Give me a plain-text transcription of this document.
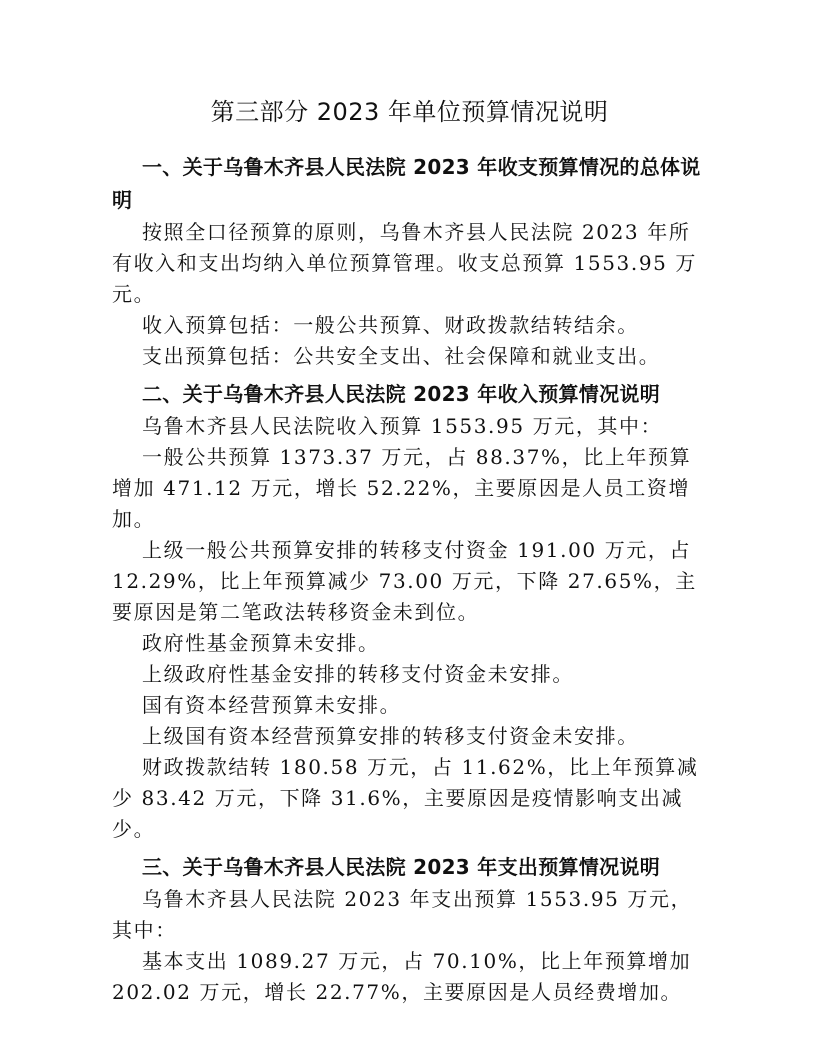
第三部分 2023 年单位预算情况说明

一、关于乌鲁木齐县人民法院 2023 年收支预算情况的总体说明

按照全口径预算的原则，乌鲁木齐县人民法院 2023 年所有收入和支出均纳入单位预算管理。收支总预算 1553.95 万元。

收入预算包括：一般公共预算、财政拨款结转结余。

支出预算包括：公共安全支出、社会保障和就业支出。

二、关于乌鲁木齐县人民法院 2023 年收入预算情况说明

乌鲁木齐县人民法院收入预算 1553.95 万元，其中：

一般公共预算 1373.37 万元，占 88.37%，比上年预算增加 471.12 万元，增长 52.22%，主要原因是人员工资增加。

上级一般公共预算安排的转移支付资金 191.00 万元，占 12.29%，比上年预算减少 73.00 万元，下降 27.65%，主要原因是第二笔政法转移资金未到位。

政府性基金预算未安排。

上级政府性基金安排的转移支付资金未安排。

国有资本经营预算未安排。

上级国有资本经营预算安排的转移支付资金未安排。

财政拨款结转 180.58 万元，占 11.62%，比上年预算减少 83.42 万元，下降 31.6%，主要原因是疫情影响支出减少。

三、关于乌鲁木齐县人民法院 2023 年支出预算情况说明

乌鲁木齐县人民法院 2023 年支出预算 1553.95 万元，其中：

基本支出 1089.27 万元，占 70.10%，比上年预算增加 202.02 万元，增长 22.77%，主要原因是人员经费增加。
